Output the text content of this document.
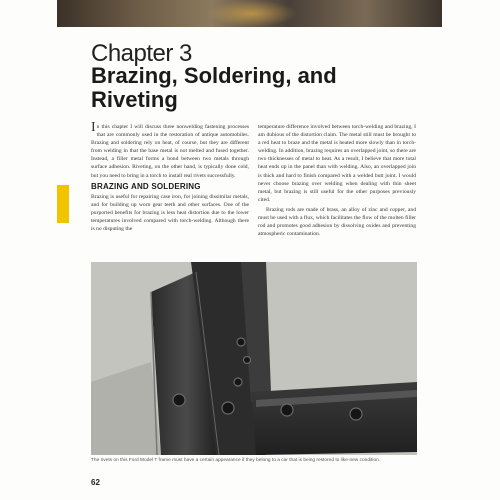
Chapter 3
Brazing, Soldering, and Riveting

In this chapter I will discuss three nonwelding fastening processes that are commonly used in the restoration of antique automobiles. Brazing and soldering rely on heat, of course, but they are different from welding in that the base metal is not melted and fused together. Instead, a filler metal forms a bond between two metals through surface adhesion. Riveting, on the other hand, is typically done cold, but you need to bring in a torch to install real rivets successfully.

BRAZING AND SOLDERING

Brazing is useful for repairing case iron, for joining dissimilar metals, and for building up worn gear teeth and other surfaces. One of the purported benefits for brazing is less heat distortion due to the lower temperatures involved compared with torch-welding. Although there is no disputing the

temperature difference involved between torch-welding and brazing, I am dubious of the distortion claim. The metal still must be brought to a red heat to braze and the metal is heated more slowly than in torch-welding. In addition, brazing requires an overlapped joint, so there are two thicknesses of metal to heat. As a result, I believe that more total heat ends up in the panel than with welding. Also, an overlapped join is thick and hard to finish compared with a welded butt joint. I would never choose brazing over welding when dealing with thin sheet metal, but brazing is still useful for the other purposes previously cited.

Brazing rods are made of brass, an alloy of zinc and copper, and must be used with a flux, which facilitates the flow of the molten filler rod and promotes good adhesion by dissolving oxides and preventing atmospheric contamination.

The rivets on this Ford Model T frame must have a certain appearance if they belong to a car that is being restored to like-new condition.
62
